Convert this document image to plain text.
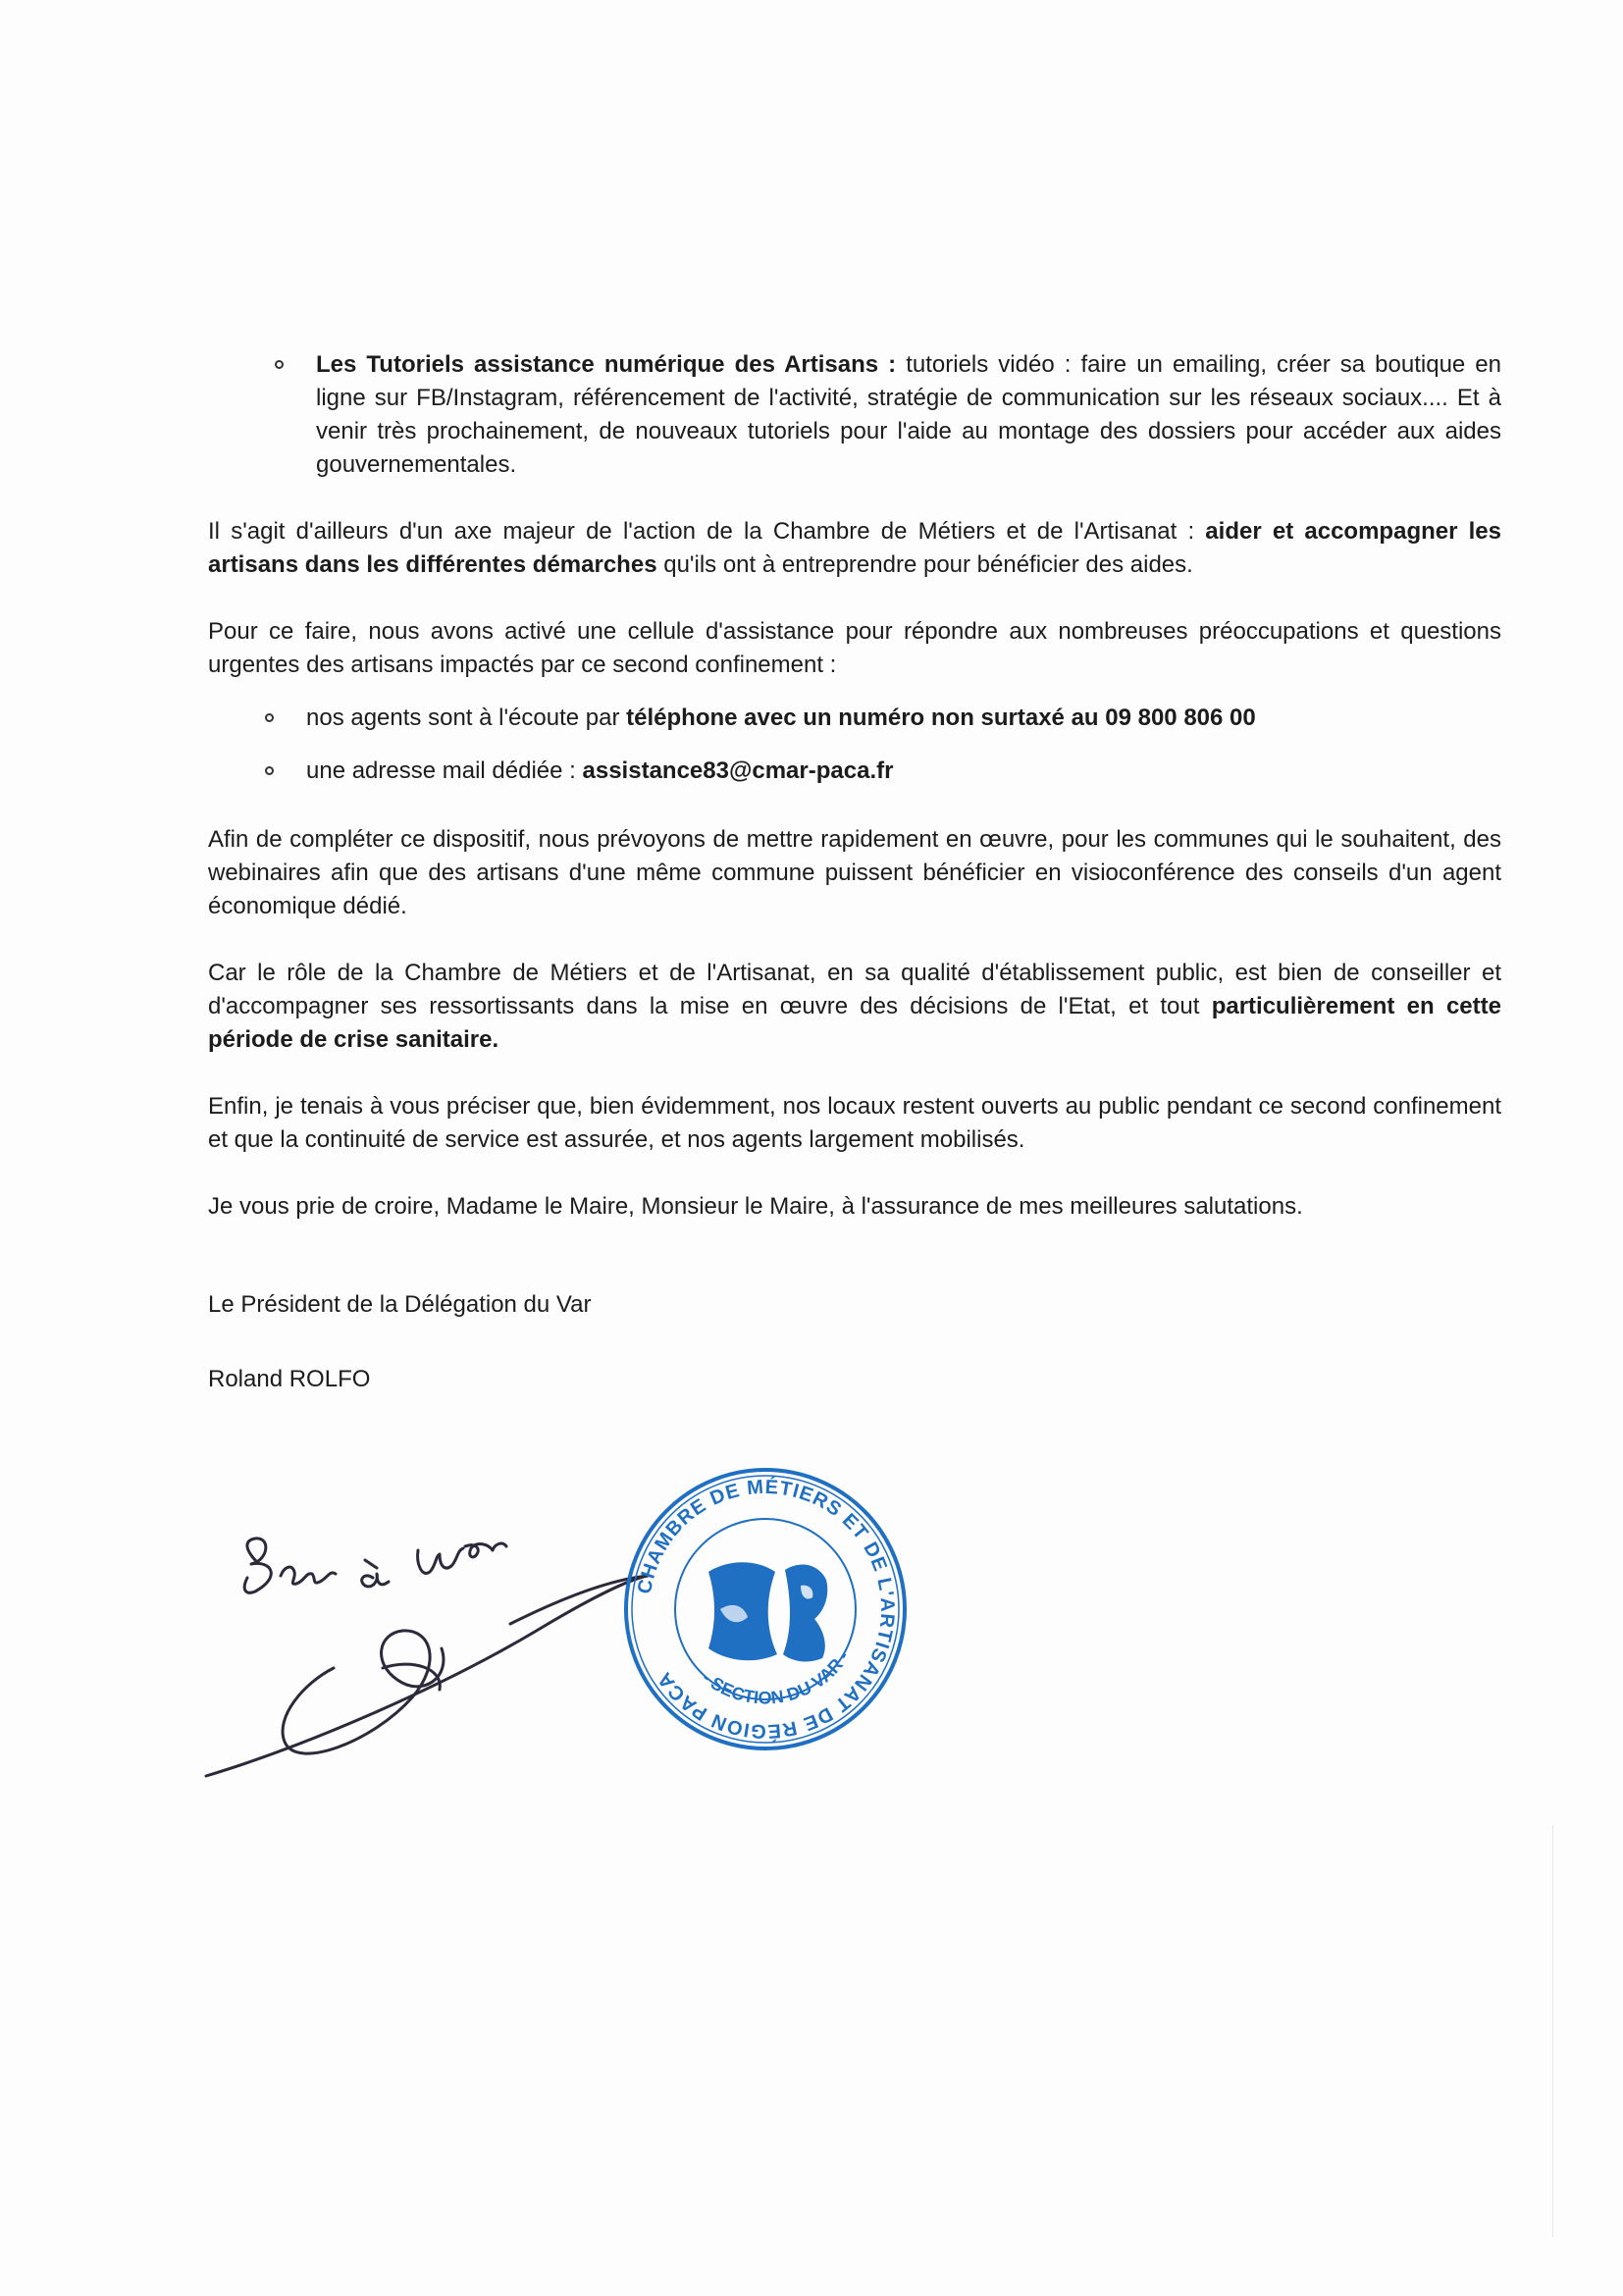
Les Tutoriels assistance numérique des Artisans : tutoriels vidéo : faire un emailing, créer sa boutique en ligne sur FB/Instagram, référencement de l'activité, stratégie de communication sur les réseaux sociaux.... Et à venir très prochainement, de nouveaux tutoriels pour l'aide au montage des dossiers pour accéder aux aides gouvernementales.

Il s'agit d'ailleurs d'un axe majeur de l'action de la Chambre de Métiers et de l'Artisanat : aider et accompagner les artisans dans les différentes démarches qu'ils ont à entreprendre pour bénéficier des aides.

Pour ce faire, nous avons activé une cellule d'assistance pour répondre aux nombreuses préoccupations et questions urgentes des artisans impactés par ce second confinement :

nos agents sont à l'écoute par téléphone avec un numéro non surtaxé au 09 800 806 00
une adresse mail dédiée : assistance83@cmar-paca.fr

Afin de compléter ce dispositif, nous prévoyons de mettre rapidement en œuvre, pour les communes qui le souhaitent, des webinaires afin que des artisans d'une même commune puissent bénéficier en visioconférence des conseils d'un agent économique dédié.

Car le rôle de la Chambre de Métiers et de l'Artisanat, en sa qualité d'établissement public, est bien de conseiller et d'accompagner ses ressortissants dans la mise en œuvre des décisions de l'Etat, et tout particulièrement en cette période de crise sanitaire.

Enfin, je tenais à vous préciser que, bien évidemment, nos locaux restent ouverts au public pendant ce second confinement et que la continuité de service est assurée, et nos agents largement mobilisés.

Je vous prie de croire, Madame le Maire, Monsieur le Maire, à l'assurance de mes meilleures salutations.

Le Président de la Délégation du Var

Roland ROLFO

CHAMBRE DE MÉTIERS ET DE L'ARTISANAT DE RÉGION PACA	- SECTION DU VAR -
